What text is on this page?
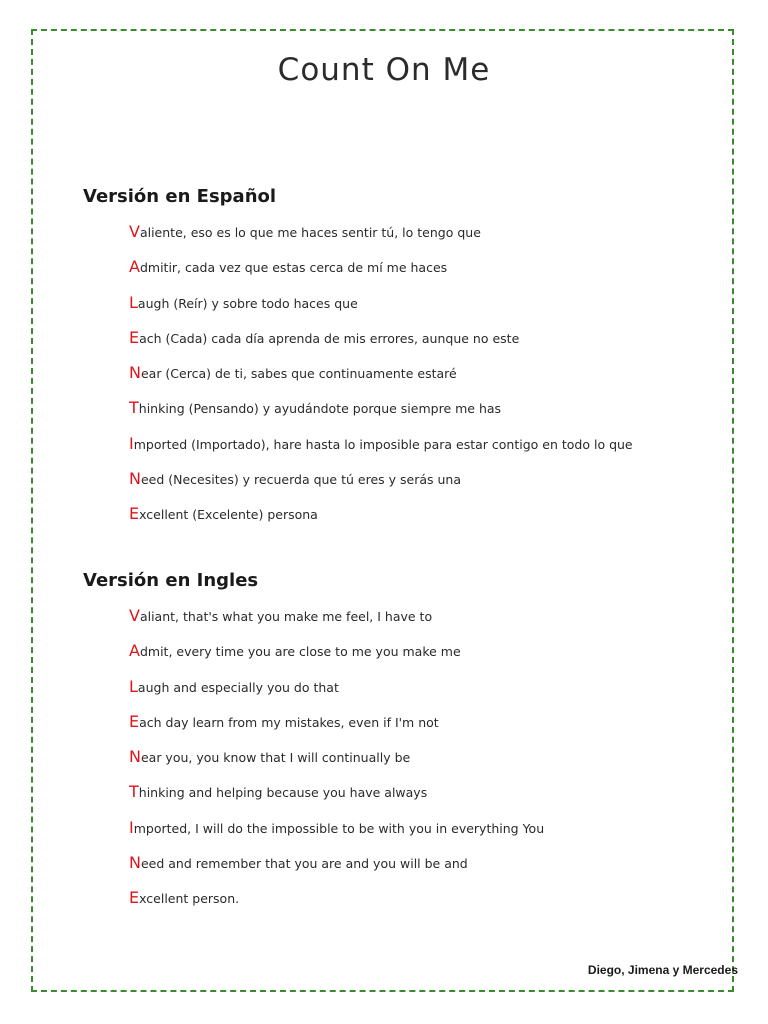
Count On Me
Versión en Español
Valiente, eso es lo que me haces sentir tú, lo tengo que
Admitir, cada vez que estas cerca de mí me haces
Laugh (Reír) y sobre todo haces que
Each (Cada) cada día aprenda de mis errores, aunque no este
Near (Cerca) de ti, sabes que continuamente estaré
Thinking (Pensando) y ayudándote porque siempre me has
Imported (Importado), hare hasta lo imposible para estar contigo en todo lo que
Need (Necesites) y recuerda que tú eres y serás una
Excellent (Excelente) persona
Versión en Ingles
Valiant, that's what you make me feel, I have to
Admit, every time you are close to me you make me
Laugh and especially you do that
Each day learn from my mistakes, even if I'm not
Near you, you know that I will continually be
Thinking and helping because you have always
Imported, I will do the impossible to be with you in everything You
Need and remember that you are and you will be and
Excellent person.
Diego, Jimena y Mercedes
